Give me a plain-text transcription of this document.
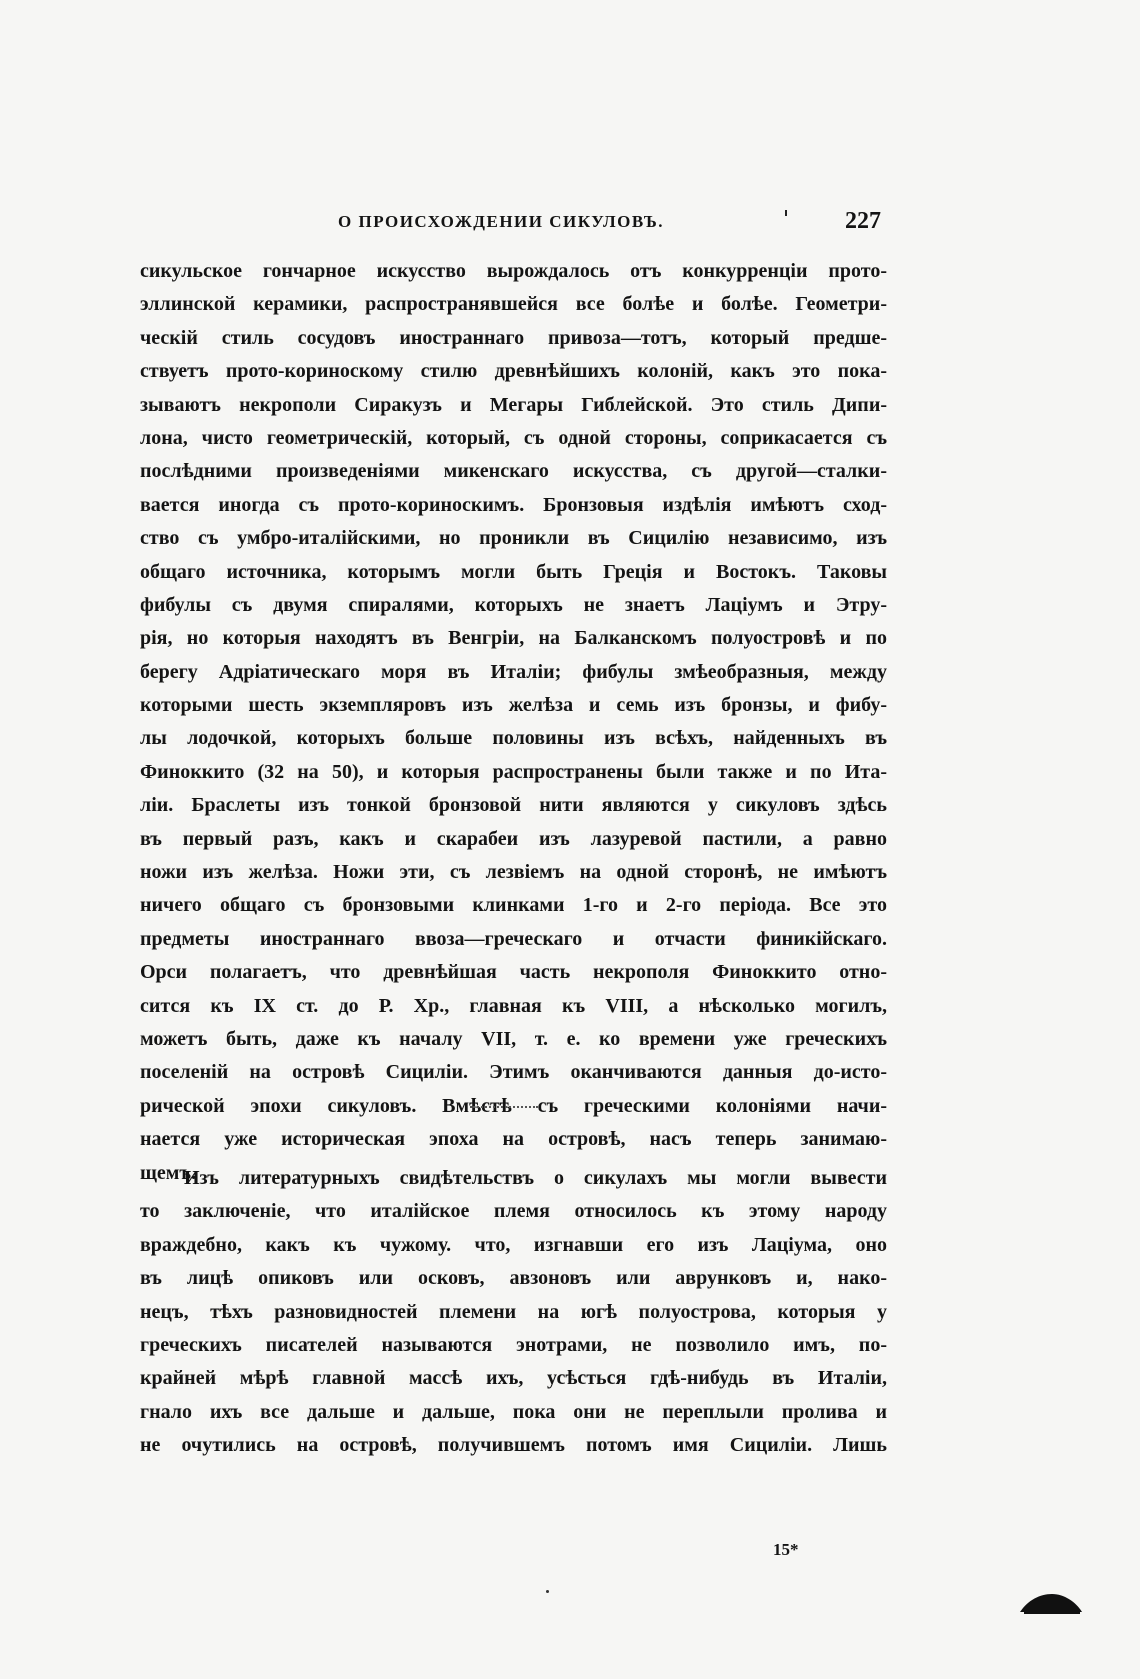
О ПРОИСХОЖДЕНИИ СИКУЛОВЪ.	227
сикульское гончарное искусство вырождалось отъ конкурренціи прото-
эллинской керамики, распространявшейся все болѣе и болѣе. Геометри-
ческій стиль сосудовъ иностраннаго привоза—тотъ, который предше-
ствуетъ прото-кориноскому стилю древнѣйшихъ колоній, какъ это пока-
зываютъ некрополи Сиракузъ и Мегары Гиблейской. Это стиль Дипи-
лона, чисто геометрическій, который, съ одной стороны, соприкасается съ
послѣдними произведеніями микенскаго искусства, съ другой—сталки-
вается иногда съ прото-кориноскимъ. Бронзовыя издѣлія имѣютъ сход-
ство съ умбро-италійскими, но проникли въ Сицилію независимо, изъ
общаго источника, которымъ могли быть Греція и Востокъ. Таковы
фибулы съ двумя спиралями, которыхъ не знаетъ Лаціумъ и Этру-
рія, но которыя находятъ въ Венгріи, на Балканскомъ полуостровѣ и по
берегу Адріатическаго моря въ Италіи; фибулы змѣеобразныя, между
которыми шесть экземпляровъ изъ желѣза и семь изъ бронзы, и фибу-
лы лодочкой, которыхъ больше половины изъ всѣхъ, найденныхъ въ
Финоккито (32 на 50), и которыя распространены были также и по Ита-
ліи. Браслеты изъ тонкой бронзовой нити являются у сикуловъ здѣсь
въ первый разъ, какъ и скарабеи изъ лазуревой пастили, а равно
ножи изъ желѣза. Ножи эти, съ лезвіемъ на одной сторонѣ, не имѣютъ
ничего общаго съ бронзовыми клинками 1-го и 2-го періода. Все это
предметы иностраннаго ввоза—греческаго и отчасти финикійскаго.
Орси полагаетъ, что древнѣйшая часть некрополя Финоккито отно-
сится къ IX ст. до Р. Хр., главная къ VIII, а нѣсколько могилъ,
можетъ быть, даже къ началу VII, т. е. ко времени уже греческихъ
поселеній на островѣ Сициліи. Этимъ оканчиваются данныя до-исто-
рической эпохи сикуловъ. Вмѣстѣ съ греческими колоніями начи-
нается уже историческая эпоха на островѣ, насъ теперь занимаю-
щемъ.
Изъ литературныхъ свидѣтельствъ о сикулахъ мы могли вывести
то заключеніе, что италійское племя относилось къ этому народу
враждебно, какъ къ чужому. что, изгнавши его изъ Лаціума, оно
въ лицѣ опиковъ или осковъ, авзоновъ или аврунковъ и, нако-
нецъ, тѣхъ разновидностей племени на югѣ полуострова, которыя у
греческихъ писателей называются энотрами, не позволило имъ, по-
крайней мѣрѣ главной массѣ ихъ, усѣсться гдѣ-нибудь въ Италіи,
гнало ихъ все дальше и дальше, пока они не переплыли пролива и
не очутились на островѣ, получившемъ потомъ имя Сициліи. Лишь
15*
